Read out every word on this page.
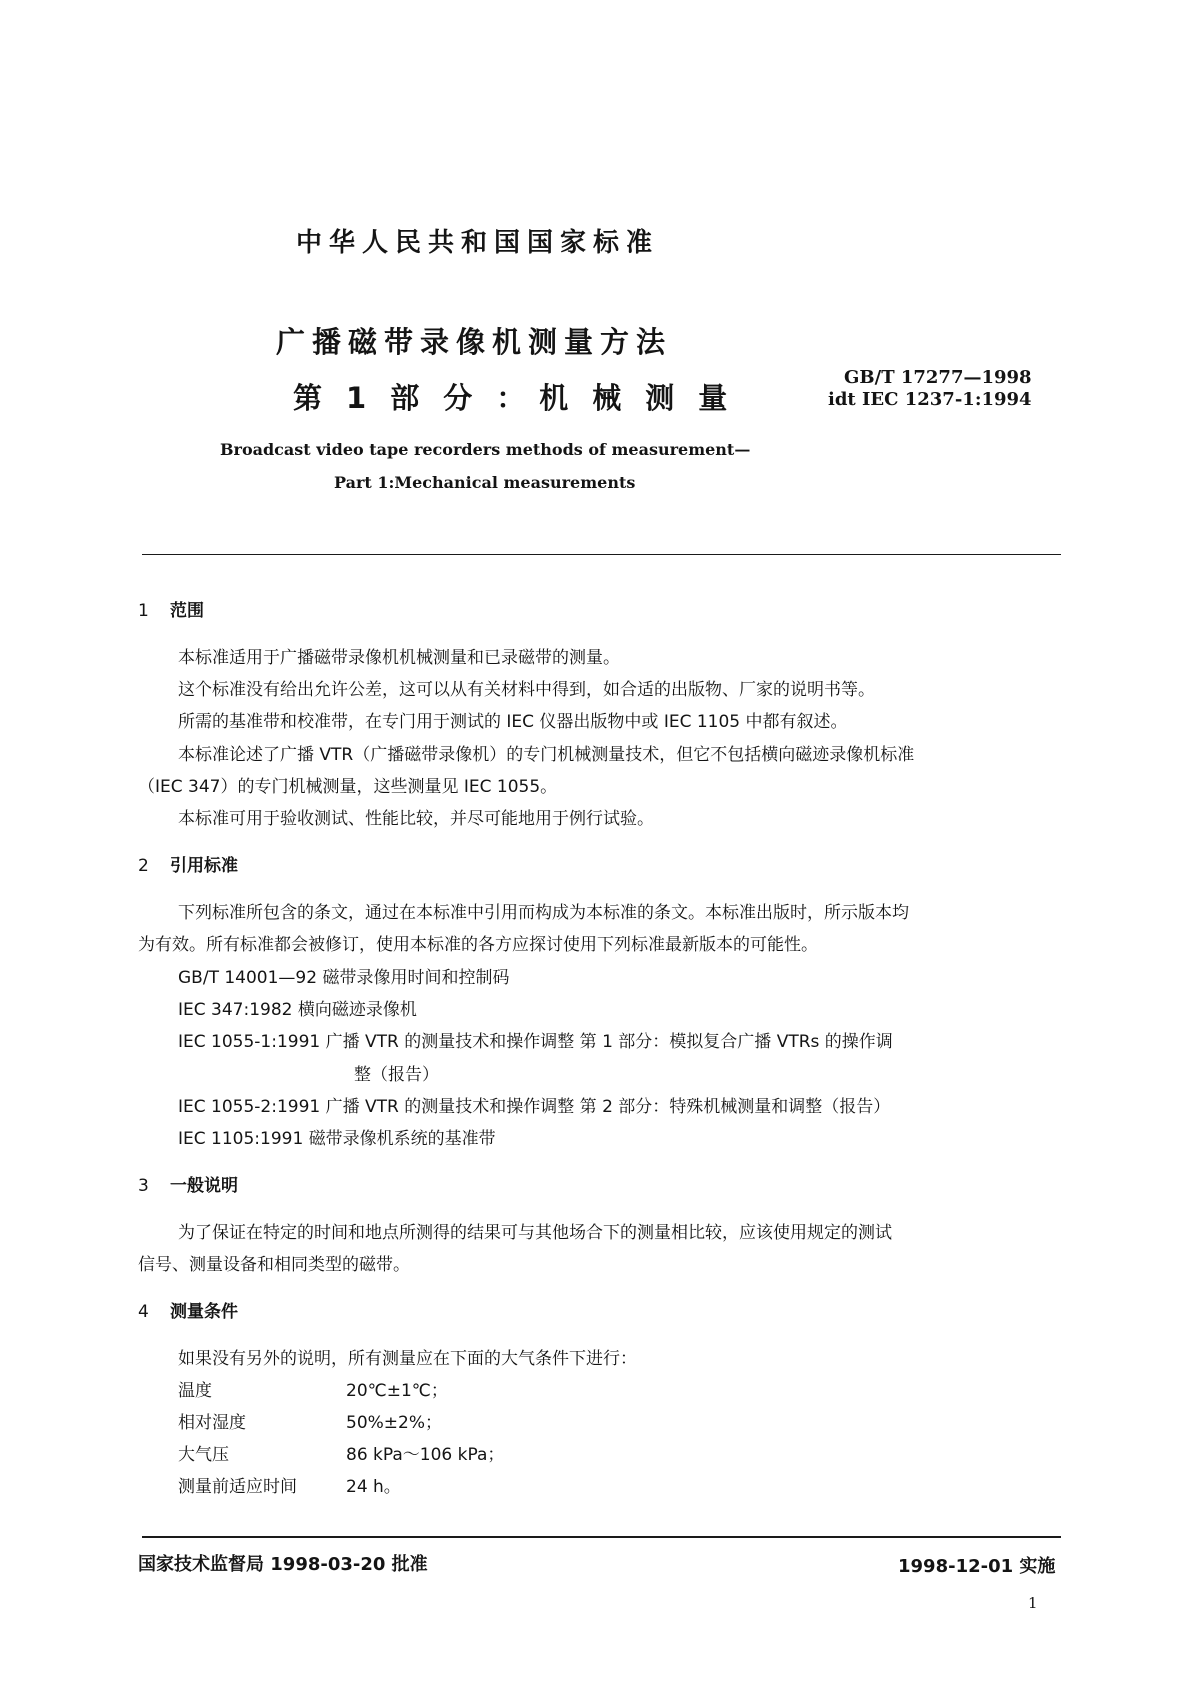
中华人民共和国国家标准
广播磁带录像机测量方法
第 1 部 分 ： 机 械 测 量
GB/T 17277—1998
idt IEC 1237-1:1994
Broadcast video tape recorders methods of measurement—
Part 1:Mechanical measurements
1 范围
本标准适用于广播磁带录像机机械测量和已录磁带的测量。
这个标准没有给出允许公差，这可以从有关材料中得到，如合适的出版物、厂家的说明书等。
所需的基准带和校准带，在专门用于测试的 IEC 仪器出版物中或 IEC 1105 中都有叙述。
本标准论述了广播 VTR（广播磁带录像机）的专门机械测量技术，但它不包括横向磁迹录像机标准
（IEC 347）的专门机械测量，这些测量见 IEC 1055。
本标准可用于验收测试、性能比较，并尽可能地用于例行试验。
2 引用标准
下列标准所包含的条文，通过在本标准中引用而构成为本标准的条文。本标准出版时，所示版本均
为有效。所有标准都会被修订，使用本标准的各方应探讨使用下列标准最新版本的可能性。
GB/T 14001—92 磁带录像用时间和控制码
IEC 347:1982 横向磁迹录像机
IEC 1055-1:1991 广播 VTR 的测量技术和操作调整 第 1 部分：模拟复合广播 VTRs 的操作调
整（报告）
IEC 1055-2:1991 广播 VTR 的测量技术和操作调整 第 2 部分：特殊机械测量和调整（报告）
IEC 1105:1991 磁带录像机系统的基准带
3 一般说明
为了保证在特定的时间和地点所测得的结果可与其他场合下的测量相比较，应该使用规定的测试
信号、测量设备和相同类型的磁带。
4 测量条件
如果没有另外的说明，所有测量应在下面的大气条件下进行：
温度	20℃±1℃；
相对湿度	50%±2%；
大气压	86 kPa～106 kPa；
测量前适应时间	24 h。
国家技术监督局 1998-03-20 批准	1998-12-01 实施
1
